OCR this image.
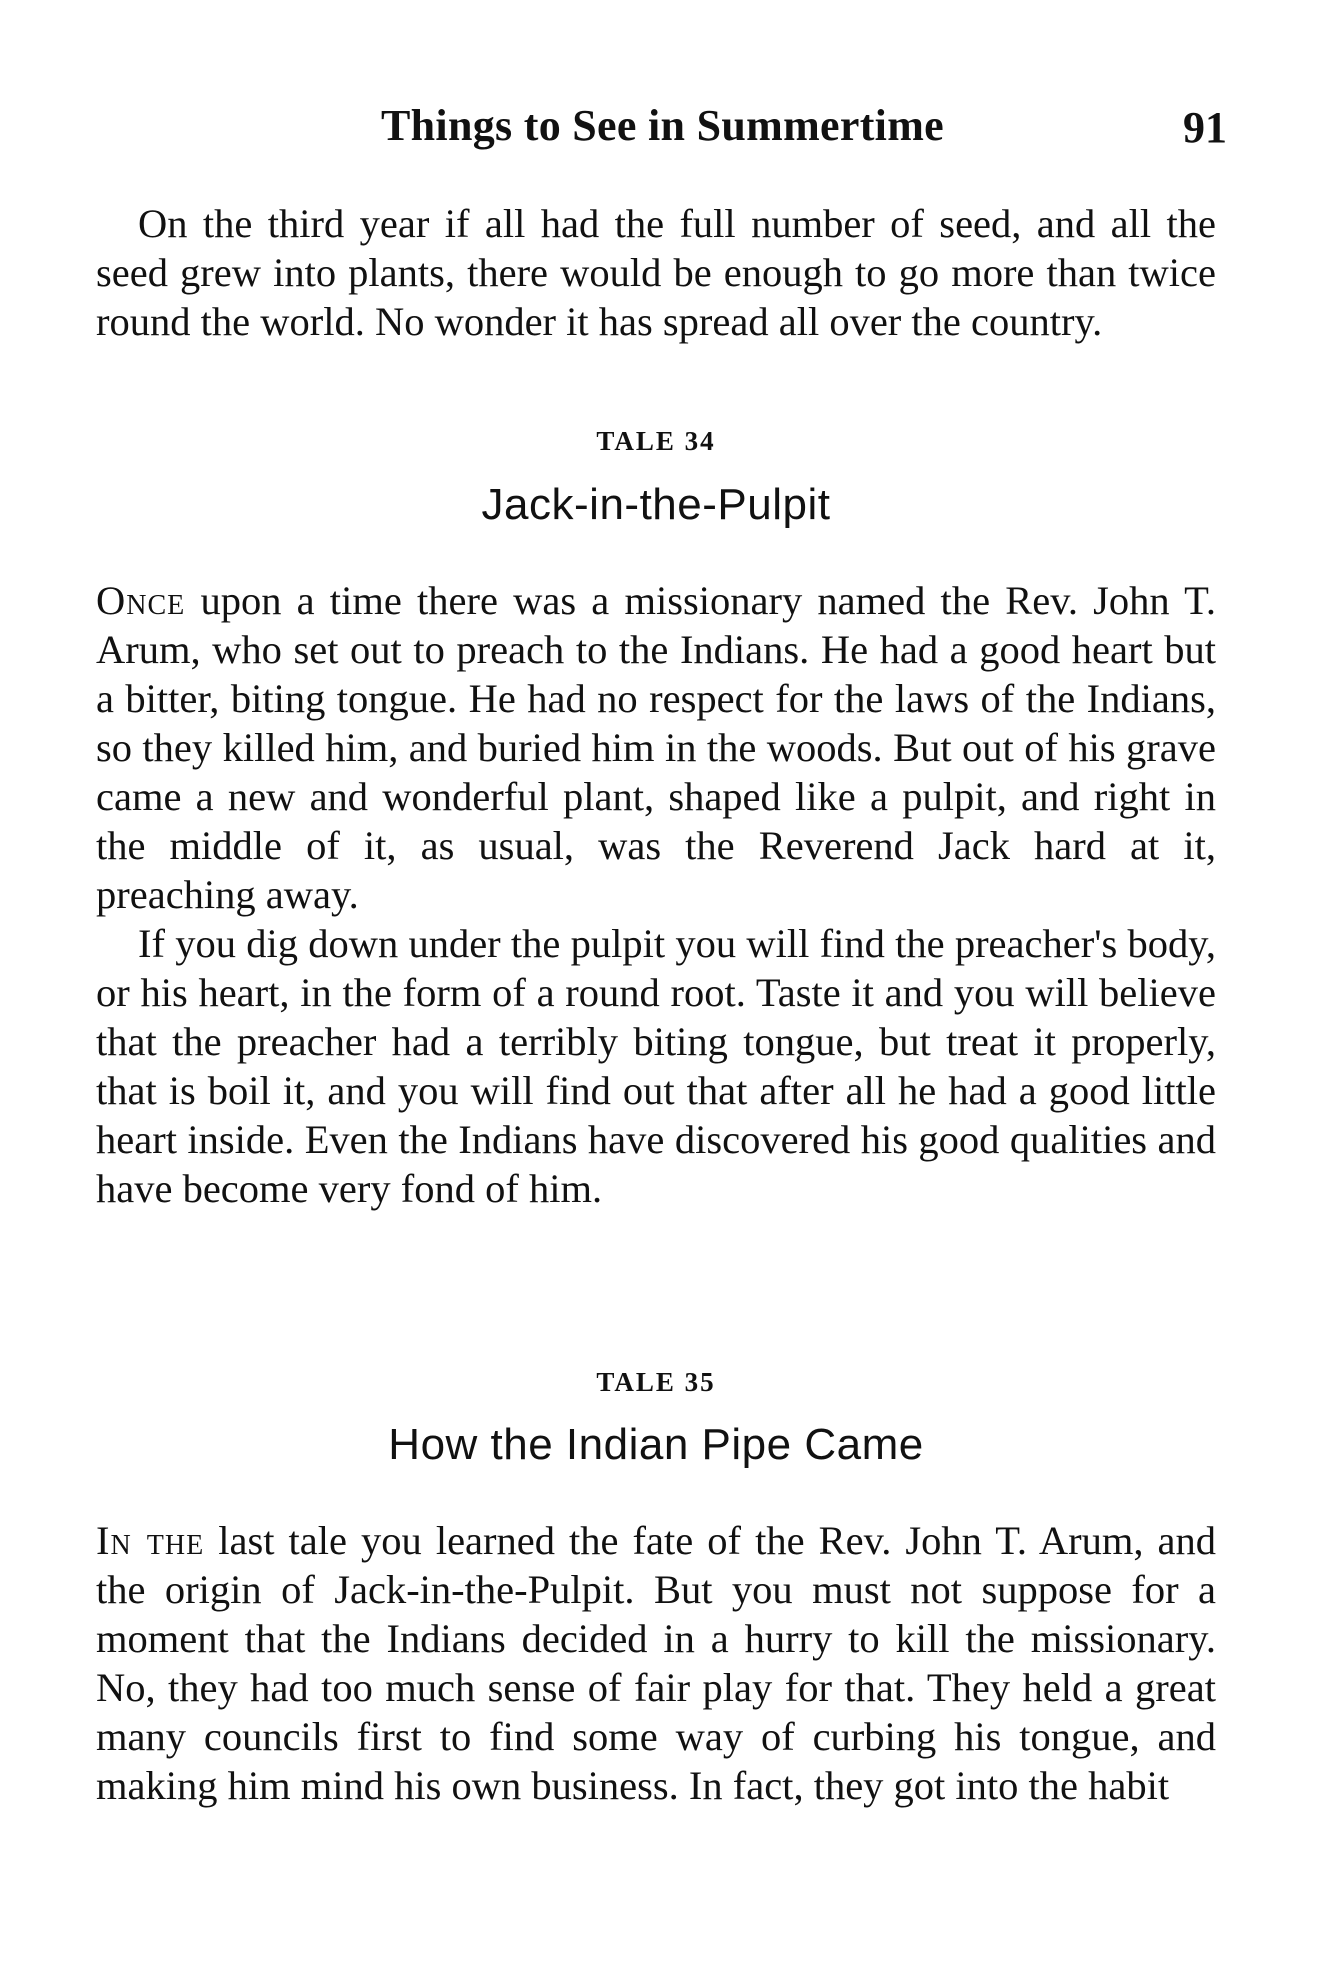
Things to See in Summertime	91

On the third year if all had the full number of seed, and all the seed grew into plants, there would be enough to go more than twice round the world. No wonder it has spread all over the country.

TALE 34
Jack-in-the-Pulpit

Once upon a time there was a missionary named the Rev. John T. Arum, who set out to preach to the Indians. He had a good heart but a bitter, biting tongue. He had no respect for the laws of the Indians, so they killed him, and buried him in the woods. But out of his grave came a new and wonderful plant, shaped like a pulpit, and right in the middle of it, as usual, was the Reverend Jack hard at it, preaching away.

If you dig down under the pulpit you will find the preacher's body, or his heart, in the form of a round root. Taste it and you will believe that the preacher had a terribly biting tongue, but treat it properly, that is boil it, and you will find out that after all he had a good little heart inside. Even the Indians have discovered his good qualities and have become very fond of him.

TALE 35
How the Indian Pipe Came

In the last tale you learned the fate of the Rev. John T. Arum, and the origin of Jack-in-the-Pulpit. But you must not suppose for a moment that the Indians decided in a hurry to kill the missionary. No, they had too much sense of fair play for that. They held a great many councils first to find some way of curbing his tongue, and making him mind his own business. In fact, they got into the habit
